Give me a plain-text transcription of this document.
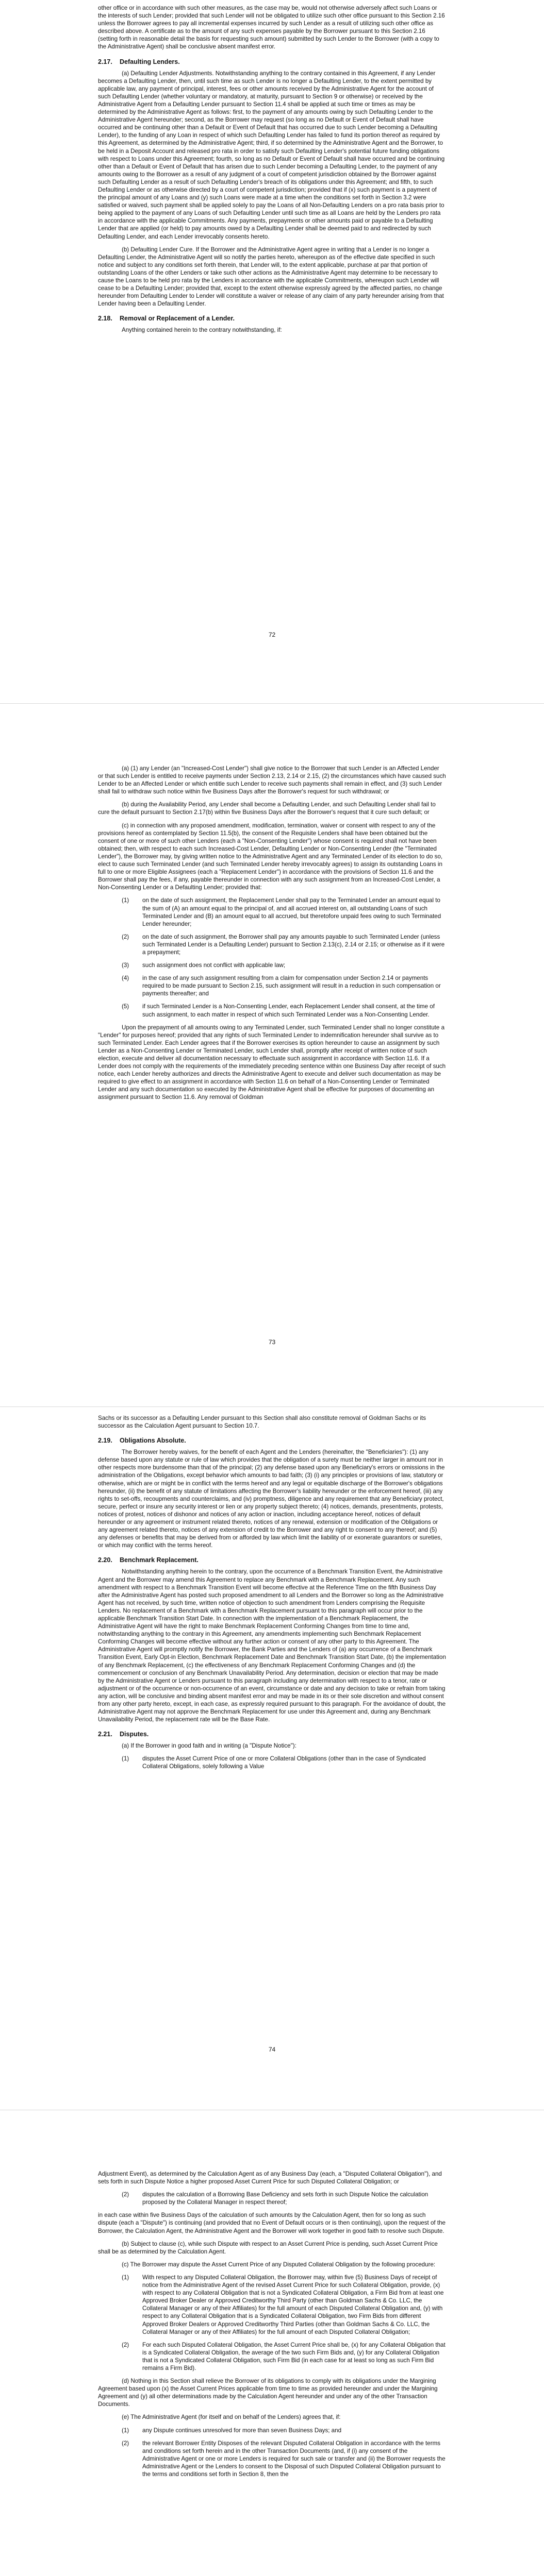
other office or in accordance with such other measures, as the case may be, would not otherwise adversely affect such Loans or the interests of such Lender; provided that such Lender will not be obligated to utilize such other office pursuant to this Section 2.16 unless the Borrower agrees to pay all incremental expenses incurred by such Lender as a result of utilizing such other office as described above. A certificate as to the amount of any such expenses payable by the Borrower pursuant to this Section 2.16 (setting forth in reasonable detail the basis for requesting such amount) submitted by such Lender to the Borrower (with a copy to the Administrative Agent) shall be conclusive absent manifest error.

2.17. Defaulting Lenders.

(a) Defaulting Lender Adjustments. Notwithstanding anything to the contrary contained in this Agreement, if any Lender becomes a Defaulting Lender, then, until such time as such Lender is no longer a Defaulting Lender, to the extent permitted by applicable law, any payment of principal, interest, fees or other amounts received by the Administrative Agent for the account of such Defaulting Lender (whether voluntary or mandatory, at maturity, pursuant to Section 9 or otherwise) or received by the Administrative Agent from a Defaulting Lender pursuant to Section 11.4 shall be applied at such time or times as may be determined by the Administrative Agent as follows: first, to the payment of any amounts owing by such Defaulting Lender to the Administrative Agent hereunder; second, as the Borrower may request (so long as no Default or Event of Default shall have occurred and be continuing other than a Default or Event of Default that has occurred due to such Lender becoming a Defaulting Lender), to the funding of any Loan in respect of which such Defaulting Lender has failed to fund its portion thereof as required by this Agreement, as determined by the Administrative Agent; third, if so determined by the Administrative Agent and the Borrower, to be held in a Deposit Account and released pro rata in order to satisfy such Defaulting Lender's potential future funding obligations with respect to Loans under this Agreement; fourth, so long as no Default or Event of Default shall have occurred and be continuing other than a Default or Event of Default that has arisen due to such Lender becoming a Defaulting Lender, to the payment of any amounts owing to the Borrower as a result of any judgment of a court of competent jurisdiction obtained by the Borrower against such Defaulting Lender as a result of such Defaulting Lender's breach of its obligations under this Agreement; and fifth, to such Defaulting Lender or as otherwise directed by a court of competent jurisdiction; provided that if (x) such payment is a payment of the principal amount of any Loans and (y) such Loans were made at a time when the conditions set forth in Section 3.2 were satisfied or waived, such payment shall be applied solely to pay the Loans of all Non-Defaulting Lenders on a pro rata basis prior to being applied to the payment of any Loans of such Defaulting Lender until such time as all Loans are held by the Lenders pro rata in accordance with the applicable Commitments. Any payments, prepayments or other amounts paid or payable to a Defaulting Lender that are applied (or held) to pay amounts owed by a Defaulting Lender shall be deemed paid to and redirected by such Defaulting Lender, and each Lender irrevocably consents hereto.

(b) Defaulting Lender Cure. If the Borrower and the Administrative Agent agree in writing that a Lender is no longer a Defaulting Lender, the Administrative Agent will so notify the parties hereto, whereupon as of the effective date specified in such notice and subject to any conditions set forth therein, that Lender will, to the extent applicable, purchase at par that portion of outstanding Loans of the other Lenders or take such other actions as the Administrative Agent may determine to be necessary to cause the Loans to be held pro rata by the Lenders in accordance with the applicable Commitments, whereupon such Lender will cease to be a Defaulting Lender; provided that, except to the extent otherwise expressly agreed by the affected parties, no change hereunder from Defaulting Lender to Lender will constitute a waiver or release of any claim of any party hereunder arising from that Lender having been a Defaulting Lender.

2.18. Removal or Replacement of a Lender.

Anything contained herein to the contrary notwithstanding, if:

72

(a) (1) any Lender (an "Increased-Cost Lender") shall give notice to the Borrower that such Lender is an Affected Lender or that such Lender is entitled to receive payments under Section 2.13, 2.14 or 2.15, (2) the circumstances which have caused such Lender to be an Affected Lender or which entitle such Lender to receive such payments shall remain in effect, and (3) such Lender shall fail to withdraw such notice within five Business Days after the Borrower's request for such withdrawal; or

(b) during the Availability Period, any Lender shall become a Defaulting Lender, and such Defaulting Lender shall fail to cure the default pursuant to Section 2.17(b) within five Business Days after the Borrower's request that it cure such default; or

(c) in connection with any proposed amendment, modification, termination, waiver or consent with respect to any of the provisions hereof as contemplated by Section 11.5(b), the consent of the Requisite Lenders shall have been obtained but the consent of one or more of such other Lenders (each a "Non-Consenting Lender") whose consent is required shall not have been obtained; then, with respect to each such Increased-Cost Lender, Defaulting Lender or Non-Consenting Lender (the "Terminated Lender"), the Borrower may, by giving written notice to the Administrative Agent and any Terminated Lender of its election to do so, elect to cause such Terminated Lender (and such Terminated Lender hereby irrevocably agrees) to assign its outstanding Loans in full to one or more Eligible Assignees (each a "Replacement Lender") in accordance with the provisions of Section 11.6 and the Borrower shall pay the fees, if any, payable thereunder in connection with any such assignment from an Increased-Cost Lender, a Non-Consenting Lender or a Defaulting Lender; provided that:

(1) on the date of such assignment, the Replacement Lender shall pay to the Terminated Lender an amount equal to the sum of (A) an amount equal to the principal of, and all accrued interest on, all outstanding Loans of such Terminated Lender and (B) an amount equal to all accrued, but theretofore unpaid fees owing to such Terminated Lender hereunder;

(2) on the date of such assignment, the Borrower shall pay any amounts payable to such Terminated Lender (unless such Terminated Lender is a Defaulting Lender) pursuant to Section 2.13(c), 2.14 or 2.15; or otherwise as if it were a prepayment;

(3) such assignment does not conflict with applicable law;

(4) in the case of any such assignment resulting from a claim for compensation under Section 2.14 or payments required to be made pursuant to Section 2.15, such assignment will result in a reduction in such compensation or payments thereafter; and

(5) if such Terminated Lender is a Non-Consenting Lender, each Replacement Lender shall consent, at the time of such assignment, to each matter in respect of which such Terminated Lender was a Non-Consenting Lender.

Upon the prepayment of all amounts owing to any Terminated Lender, such Terminated Lender shall no longer constitute a "Lender" for purposes hereof; provided that any rights of such Terminated Lender to indemnification hereunder shall survive as to such Terminated Lender. Each Lender agrees that if the Borrower exercises its option hereunder to cause an assignment by such Lender as a Non-Consenting Lender or Terminated Lender, such Lender shall, promptly after receipt of written notice of such election, execute and deliver all documentation necessary to effectuate such assignment in accordance with Section 11.6. If a Lender does not comply with the requirements of the immediately preceding sentence within one Business Day after receipt of such notice, each Lender hereby authorizes and directs the Administrative Agent to execute and deliver such documentation as may be required to give effect to an assignment in accordance with Section 11.6 on behalf of a Non-Consenting Lender or Terminated Lender and any such documentation so executed by the Administrative Agent shall be effective for purposes of documenting an assignment pursuant to Section 11.6. Any removal of Goldman

73

Sachs or its successor as a Defaulting Lender pursuant to this Section shall also constitute removal of Goldman Sachs or its successor as the Calculation Agent pursuant to Section 10.7.

2.19. Obligations Absolute.

The Borrower hereby waives, for the benefit of each Agent and the Lenders (hereinafter, the "Beneficiaries"): (1) any defense based upon any statute or rule of law which provides that the obligation of a surety must be neither larger in amount nor in other respects more burdensome than that of the principal; (2) any defense based upon any Beneficiary's errors or omissions in the administration of the Obligations, except behavior which amounts to bad faith; (3) (i) any principles or provisions of law, statutory or otherwise, which are or might be in conflict with the terms hereof and any legal or equitable discharge of the Borrower's obligations hereunder, (ii) the benefit of any statute of limitations affecting the Borrower's liability hereunder or the enforcement hereof, (iii) any rights to set-offs, recoupments and counterclaims, and (iv) promptness, diligence and any requirement that any Beneficiary protect, secure, perfect or insure any security interest or lien or any property subject thereto; (4) notices, demands, presentments, protests, notices of protest, notices of dishonor and notices of any action or inaction, including acceptance hereof, notices of default hereunder or any agreement or instrument related thereto, notices of any renewal, extension or modification of the Obligations or any agreement related thereto, notices of any extension of credit to the Borrower and any right to consent to any thereof; and (5) any defenses or benefits that may be derived from or afforded by law which limit the liability of or exonerate guarantors or sureties, or which may conflict with the terms hereof.

2.20. Benchmark Replacement.

Notwithstanding anything herein to the contrary, upon the occurrence of a Benchmark Transition Event, the Administrative Agent and the Borrower may amend this Agreement to replace any Benchmark with a Benchmark Replacement. Any such amendment with respect to a Benchmark Transition Event will become effective at the Reference Time on the fifth Business Day after the Administrative Agent has posted such proposed amendment to all Lenders and the Borrower so long as the Administrative Agent has not received, by such time, written notice of objection to such amendment from Lenders comprising the Requisite Lenders. No replacement of a Benchmark with a Benchmark Replacement pursuant to this paragraph will occur prior to the applicable Benchmark Transition Start Date. In connection with the implementation of a Benchmark Replacement, the Administrative Agent will have the right to make Benchmark Replacement Conforming Changes from time to time and, notwithstanding anything to the contrary in this Agreement, any amendments implementing such Benchmark Replacement Conforming Changes will become effective without any further action or consent of any other party to this Agreement. The Administrative Agent will promptly notify the Borrower, the Bank Parties and the Lenders of (a) any occurrence of a Benchmark Transition Event, Early Opt-in Election, Benchmark Replacement Date and Benchmark Transition Start Date, (b) the implementation of any Benchmark Replacement, (c) the effectiveness of any Benchmark Replacement Conforming Changes and (d) the commencement or conclusion of any Benchmark Unavailability Period. Any determination, decision or election that may be made by the Administrative Agent or Lenders pursuant to this paragraph including any determination with respect to a tenor, rate or adjustment or of the occurrence or non-occurrence of an event, circumstance or date and any decision to take or refrain from taking any action, will be conclusive and binding absent manifest error and may be made in its or their sole discretion and without consent from any other party hereto, except, in each case, as expressly required pursuant to this paragraph. For the avoidance of doubt, the Administrative Agent may not approve the Benchmark Replacement for use under this Agreement and, during any Benchmark Unavailability Period, the replacement rate will be the Base Rate.

2.21. Disputes.

(a) If the Borrower in good faith and in writing (a "Dispute Notice"):

(1) disputes the Asset Current Price of one or more Collateral Obligations (other than in the case of Syndicated Collateral Obligations, solely following a Value

74

Adjustment Event), as determined by the Calculation Agent as of any Business Day (each, a "Disputed Collateral Obligation"), and sets forth in such Dispute Notice a higher proposed Asset Current Price for such Disputed Collateral Obligation; or

(2) disputes the calculation of a Borrowing Base Deficiency and sets forth in such Dispute Notice the calculation proposed by the Collateral Manager in respect thereof;

in each case within five Business Days of the calculation of such amounts by the Calculation Agent, then for so long as such dispute (each a "Dispute") is continuing (and provided that no Event of Default occurs or is then continuing), upon the request of the Borrower, the Calculation Agent, the Administrative Agent and the Borrower will work together in good faith to resolve such Dispute.

(b) Subject to clause (c), while such Dispute with respect to an Asset Current Price is pending, such Asset Current Price shall be as determined by the Calculation Agent.

(c) The Borrower may dispute the Asset Current Price of any Disputed Collateral Obligation by the following procedure:

(1) With respect to any Disputed Collateral Obligation, the Borrower may, within five (5) Business Days of receipt of notice from the Administrative Agent of the revised Asset Current Price for such Collateral Obligation, provide, (x) with respect to any Collateral Obligation that is not a Syndicated Collateral Obligation, a Firm Bid from at least one Approved Broker Dealer or Approved Creditworthy Third Party (other than Goldman Sachs & Co. LLC, the Collateral Manager or any of their Affiliates) for the full amount of each Disputed Collateral Obligation and, (y) with respect to any Collateral Obligation that is a Syndicated Collateral Obligation, two Firm Bids from different Approved Broker Dealers or Approved Creditworthy Third Parties (other than Goldman Sachs & Co. LLC, the Collateral Manager or any of their Affiliates) for the full amount of each Disputed Collateral Obligation;

(2) For each such Disputed Collateral Obligation, the Asset Current Price shall be, (x) for any Collateral Obligation that is a Syndicated Collateral Obligation, the average of the two such Firm Bids and, (y) for any Collateral Obligation that is not a Syndicated Collateral Obligation, such Firm Bid (in each case for at least so long as such Firm Bid remains a Firm Bid).

(d) Nothing in this Section shall relieve the Borrower of its obligations to comply with its obligations under the Margining Agreement based upon (x) the Asset Current Prices applicable from time to time as provided hereunder and under the Margining Agreement and (y) all other determinations made by the Calculation Agent hereunder and under any of the other Transaction Documents.

(e) The Administrative Agent (for itself and on behalf of the Lenders) agrees that, if:

(1) any Dispute continues unresolved for more than seven Business Days; and

(2) the relevant Borrower Entity Disposes of the relevant Disputed Collateral Obligation in accordance with the terms and conditions set forth herein and in the other Transaction Documents (and, if (i) any consent of the Administrative Agent or one or more Lenders is required for such sale or transfer and (ii) the Borrower requests the Administrative Agent or the Lenders to consent to the Disposal of such Disputed Collateral Obligation pursuant to the terms and conditions set forth in Section 8, then the
